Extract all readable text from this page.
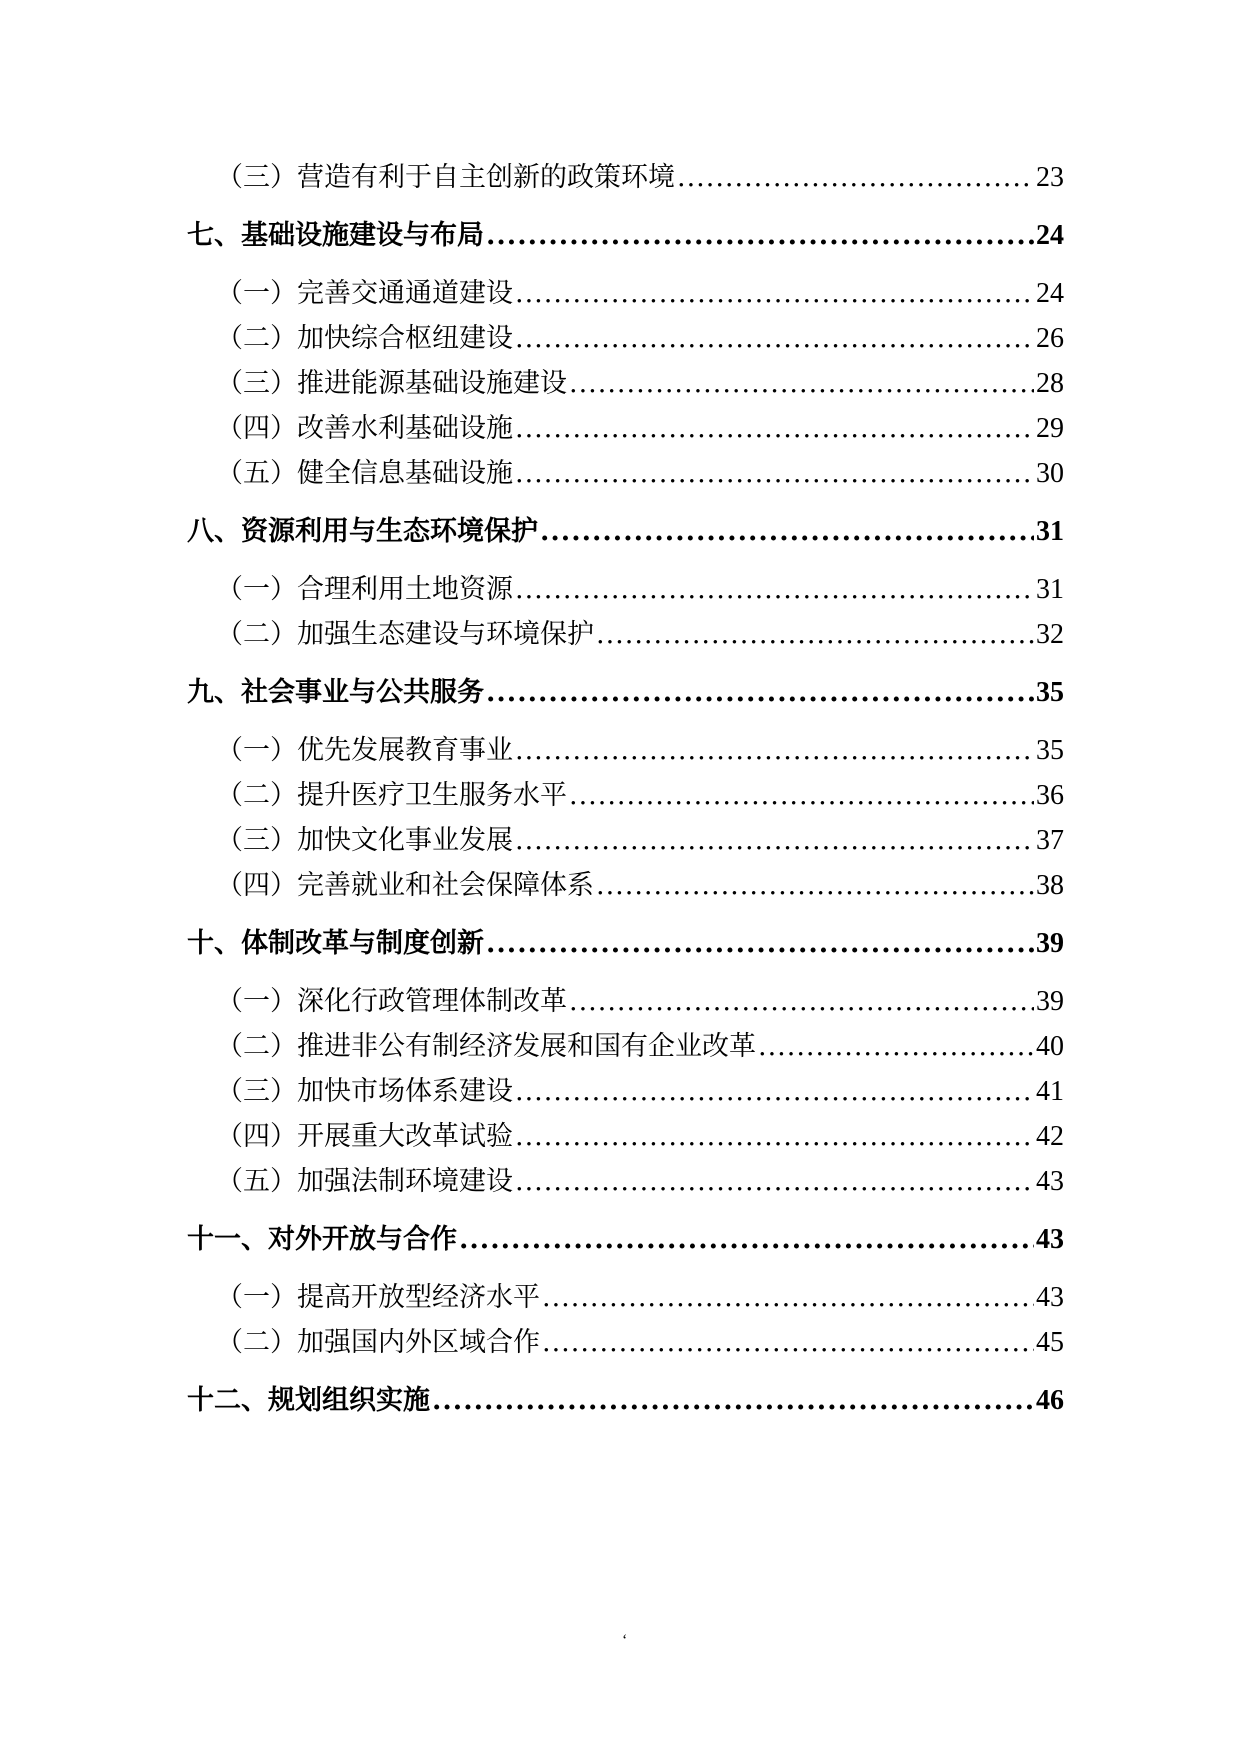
（三）营造有利于自主创新的政策环境 .....	23
七、基础设施建设与布局 .....	24
（一）完善交通通道建设 .....	24
（二）加快综合枢纽建设 .....	26
（三）推进能源基础设施建设 .....	28
（四）改善水利基础设施 .....	29
（五）健全信息基础设施 .....	30
八、资源利用与生态环境保护 .....	31
（一）合理利用土地资源 .....	31
（二）加强生态建设与环境保护 .....	32
九、社会事业与公共服务 .....	35
（一）优先发展教育事业 .....	35
（二）提升医疗卫生服务水平 .....	36
（三）加快文化事业发展 .....	37
（四）完善就业和社会保障体系 .....	38
十、体制改革与制度创新 .....	39
（一）深化行政管理体制改革 .....	39
（二）推进非公有制经济发展和国有企业改革 .....	40
（三）加快市场体系建设 .....	41
（四）开展重大改革试验 .....	42
（五）加强法制环境建设 .....	43
十一、对外开放与合作 .....	43
（一）提高开放型经济水平 .....	43
（二）加强国内外区域合作 .....	45
十二、规划组织实施 .....	46
‘
